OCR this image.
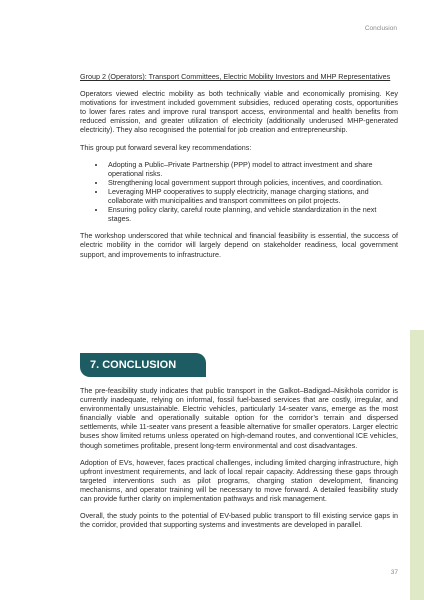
Conclusion
Group 2 (Operators): Transport Committees, Electric Mobility Investors and MHP Representatives

Operators viewed electric mobility as both technically viable and economically promising. Key motivations for investment included government subsidies, reduced operating costs, opportunities to lower fares rates and improve rural transport access, environmental and health benefits from reduced emission, and greater utilization of electricity (additionally underused MHP-generated electricity). They also recognised the potential for job creation and entrepreneurship.

This group put forward several key recommendations:

• Adopting a Public–Private Partnership (PPP) model to attract investment and share operational risks.
• Strengthening local government support through policies, incentives, and coordination.
• Leveraging MHP cooperatives to supply electricity, manage charging stations, and collaborate with municipalities and transport committees on pilot projects.
• Ensuring policy clarity, careful route planning, and vehicle standardization in the next stages.

The workshop underscored that while technical and financial feasibility is essential, the success of electric mobility in the corridor will largely depend on stakeholder readiness, local government support, and improvements to infrastructure.

7. CONCLUSION

The pre-feasibility study indicates that public transport in the Galkot–Badigad–Nisikhola corridor is currently inadequate, relying on informal, fossil fuel-based services that are costly, irregular, and environmentally unsustainable. Electric vehicles, particularly 14-seater vans, emerge as the most financially viable and operationally suitable option for the corridor’s terrain and dispersed settlements, while 11-seater vans present a feasible alternative for smaller operators. Larger electric buses show limited returns unless operated on high-demand routes, and conventional ICE vehicles, though sometimes profitable, present long-term environmental and cost disadvantages.

Adoption of EVs, however, faces practical challenges, including limited charging infrastructure, high upfront investment requirements, and lack of local repair capacity. Addressing these gaps through targeted interventions such as pilot programs, charging station development, financing mechanisms, and operator training will be necessary to move forward. A detailed feasibility study can provide further clarity on implementation pathways and risk management.

Overall, the study points to the potential of EV-based public transport to fill existing service gaps in the corridor, provided that supporting systems and investments are developed in parallel.

37
